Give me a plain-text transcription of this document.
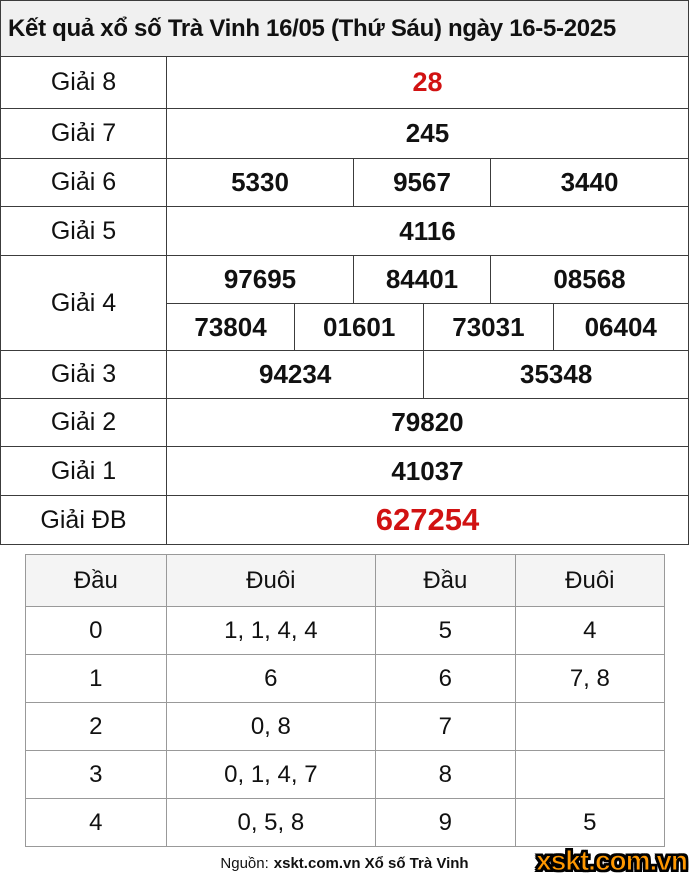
Kết quả xổ số Trà Vinh 16/05 (Thứ Sáu) ngày 16-5-2025
Giải 8	28
Giải 7	245
Giải 6	5330	9567	3440
Giải 5	4116
Giải 4
97695	84401	08568
73804	01601	73031	06404
Giải 3	94234	35348
Giải 2	79820
Giải 1	41037
Giải ĐB	627254
Đầu	Đuôi	Đầu	Đuôi
0	1, 1, 4, 4	5	4
1	6	6	7, 8
2	0, 8	7
3	0, 1, 4, 7	8
4	0, 5, 8	9	5
Nguồn: xskt.com.vn Xổ số Trà Vinh	xskt.com.vn
